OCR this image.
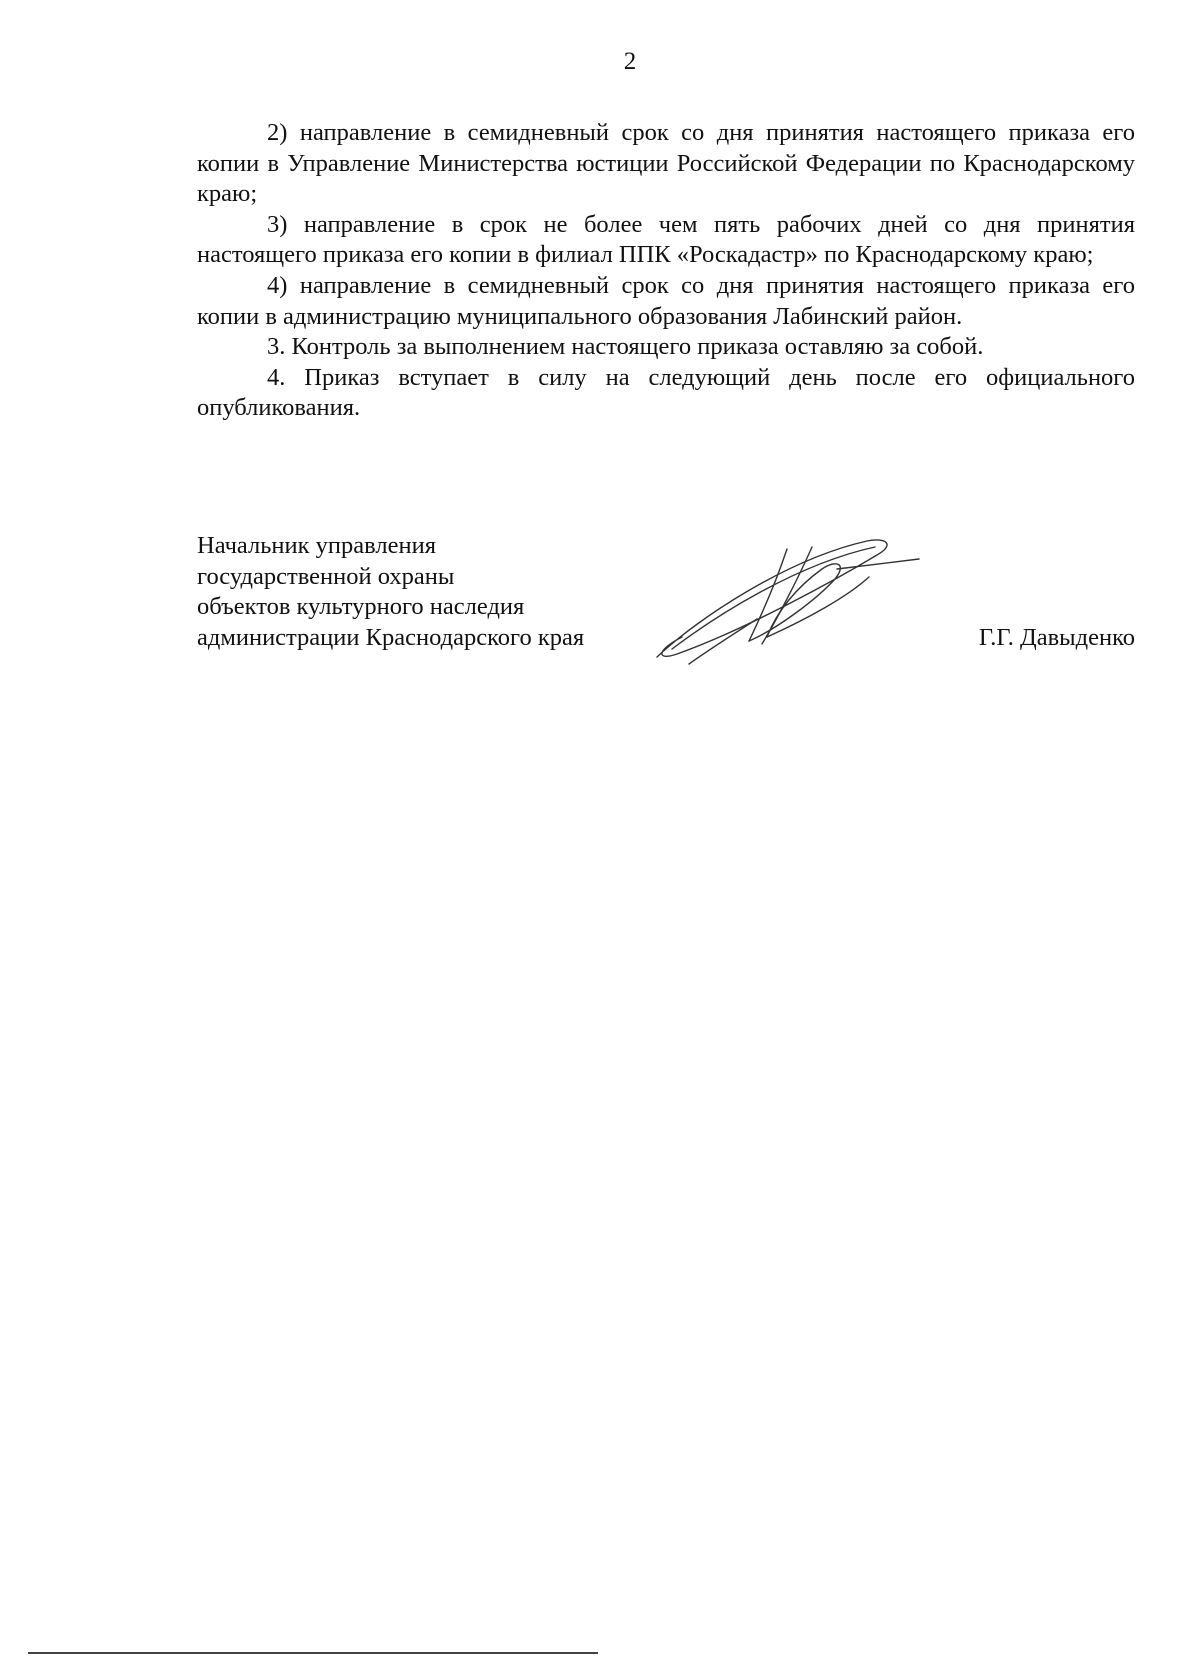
2

2) направление в семидневный срок со дня принятия настоящего приказа его копии в Управление Министерства юстиции Российской Федерации по Краснодарскому краю;

3) направление в срок не более чем пять рабочих дней со дня принятия настоящего приказа его копии в филиал ППК «Роскадастр» по Краснодарскому краю;

4) направление в семидневный срок со дня принятия настоящего приказа его копии в администрацию муниципального образования Лабинский район.

3. Контроль за выполнением настоящего приказа оставляю за собой.

4. Приказ вступает в силу на следующий день после его официального опубликования.

Начальник управления
государственной охраны
объектов культурного наследия
администрации Краснодарского края	Г.Г. Давыденко
